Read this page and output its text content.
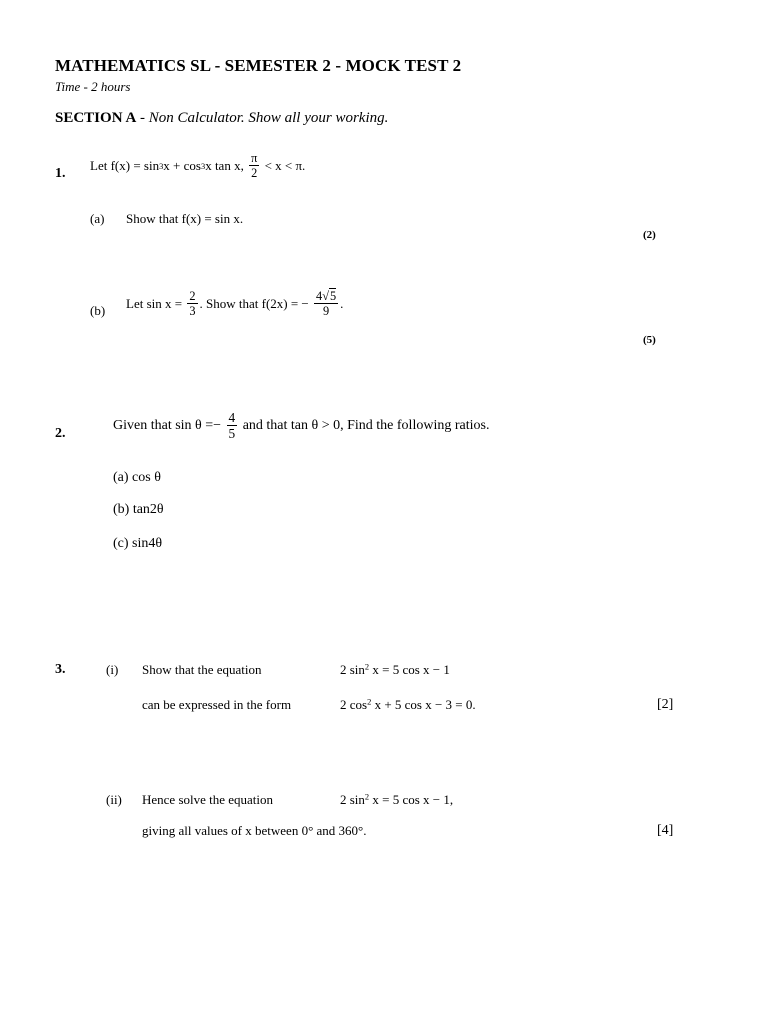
MATHEMATICS SL - SEMESTER 2 - MOCK TEST 2
Time - 2 hours
SECTION A - Non Calculator. Show all your working.
1.
Let
f(x) = sin 3 x + cos 3 x tan x,
$\frac{\pi}{2}$
< x < π.
(a) Show that f(x) = sin x.
(2)
(b) Let sin x =
$\frac{2}{3}$ . Show that f(2x) = −
$\frac{4√5}{9}$ .
(5)
2.
Given that sin θ =−
$\frac{4}{5}$
and that tan θ > 0, Find the following ratios.
(a) cos θ
(b) tan2θ
(c) sin4θ
3.	(i) Show that the equation	2 $\sin^2 x = 5$ cos x − 1
can be expressed in the form	2 $\cos^2 x + 5$ cos x − 3 = 0.	[2]
(ii) Hence solve the equation	2 $\sin^2 x = 5$ cos x − 1,
giving all values of x between 0° and 360°.	[4]
